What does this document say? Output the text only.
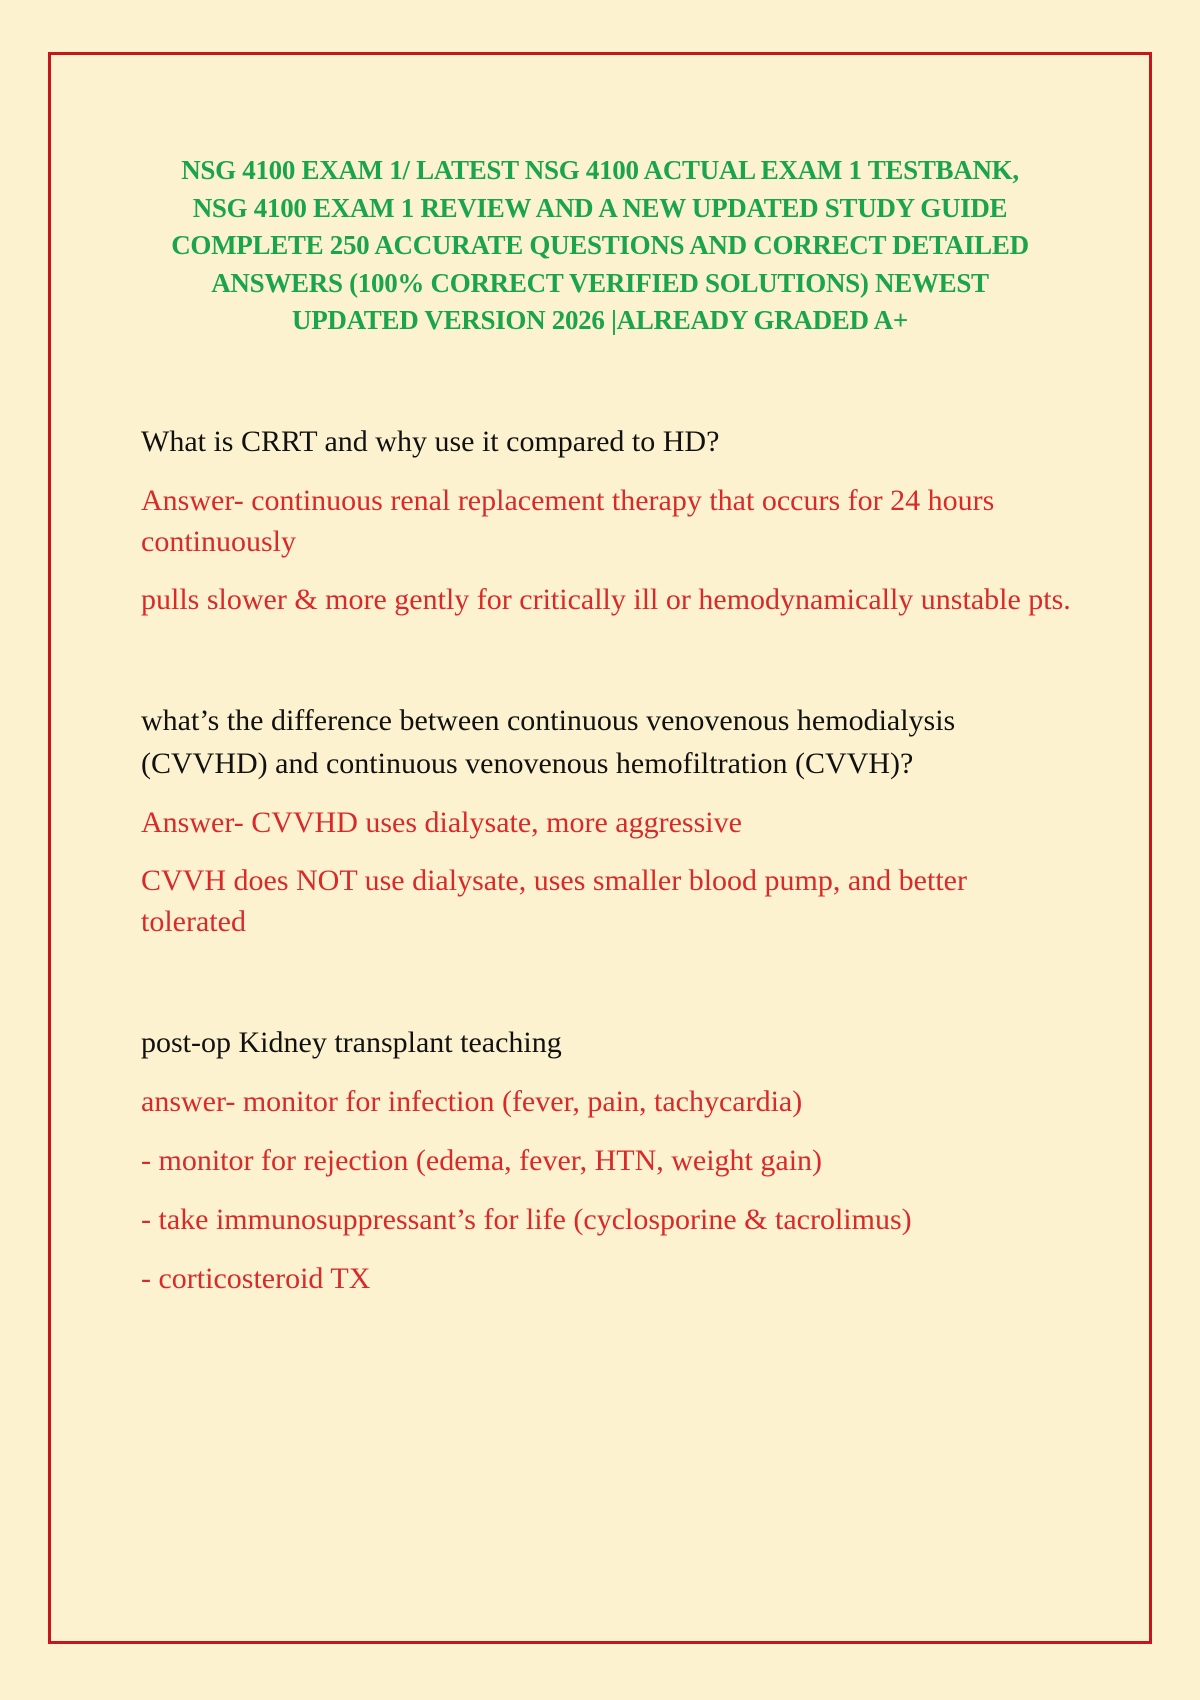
NSG 4100 EXAM 1/ LATEST NSG 4100 ACTUAL EXAM 1 TESTBANK,
NSG 4100 EXAM 1 REVIEW AND A NEW UPDATED STUDY GUIDE
COMPLETE 250 ACCURATE QUESTIONS AND CORRECT DETAILED
ANSWERS (100% CORRECT VERIFIED SOLUTIONS) NEWEST
UPDATED VERSION 2026 |ALREADY GRADED A+

What is CRRT and why use it compared to HD?

Answer- continuous renal replacement therapy that occurs for 24 hours continuously

pulls slower & more gently for critically ill or hemodynamically unstable pts.

what’s the difference between continuous venovenous hemodialysis (CVVHD) and continuous venovenous hemofiltration (CVVH)?

Answer- CVVHD uses dialysate, more aggressive

CVVH does NOT use dialysate, uses smaller blood pump, and better tolerated

post-op Kidney transplant teaching

answer- monitor for infection (fever, pain, tachycardia)

- monitor for rejection (edema, fever, HTN, weight gain)

- take immunosuppressant’s for life (cyclosporine & tacrolimus)

- corticosteroid TX
